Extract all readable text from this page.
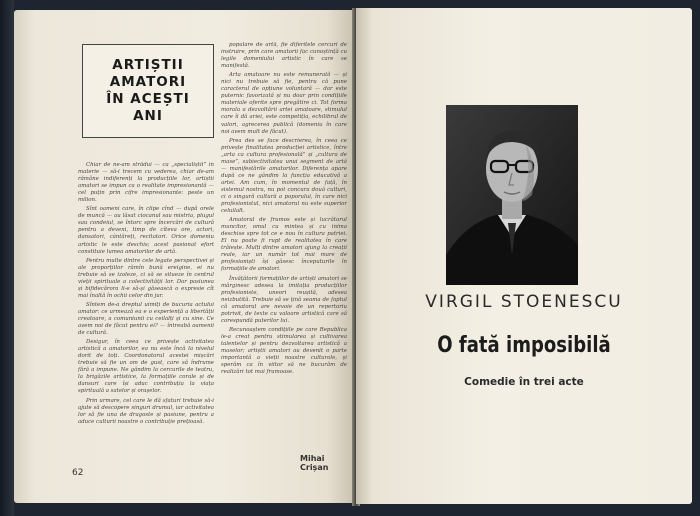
ARTIȘTII
AMATORI
ÎN ACEȘTI
ANI

Chiar de ne-am strădui — ca „specialiștii” în materie — să-i trecem cu vederea, chiar de-am rămâne indiferenți la producțiile lor, artiștii amatori se impun ca o realitate impresionantă — cel puțin prin cifre impresionante: peste un milion.

Sînt oameni care, în clipe cînd — după orele de muncă — au lăsat ciocanul sau mistria, plugul sau condeiul, se întorc spre încercări de cultură pentru a deveni, timp de cîteva ore, actori, dansatori, cântăreți, recitatori. Orice domeniu artistic le este deschis; acest pasionat efort constituie lumea amatorilor de artă.

Pentru multe dintre cele legate perspectivei și ale proporțiilor rămîn bună ereigine, ei nu trebuie să se izoleze, ci să se situeze în centrul vieții spirituale a colectivității lor. Dar pasiunea și bifidecărora li-e să-și găsească o expresie cît mai înaltă în ochii celor din jur.

Sîntem de-a dreptul uimiți de bucuria actului amator: ce urmează ea e o experiență a libertății creatoare, a comuniunii cu ceilalți și cu sine. Ce avem noi de făcut pentru ei? — întreabă oamenii de cultură.

Desigur, în ceea ce privește activitatea artistică a amatorilor, ea nu este încă la nivelul dorit de toți. Coordonatorul acestei mișcări trebuie să fie un om de gust, care să îndrume fără a impune. Ne gândim la cercurile de teatru, la brigăzile artistice, la formațiile corale și de dansuri care își aduc contribuția la viața spirituală a satelor și orașelor.

Prin urmare, cel care le dă sfaturi trebuie să-i ajute să descopere singuri drumul, iar activitatea lor să fie una de dragoste și pasiune, pentru a aduce culturii noastre o contribuție prețioasă.

populare de artă, fie diferitele cercuri de instruire, prin care amatorii fac cunoștință cu legile domeniului artistic în care se manifestă.

Arta amatoare nu este remunerată — și nici nu trebuie să fie, pentru că pune caracterul de opțiune voluntară — dar este puternic favorizată și nu doar prin condițiile materiale oferite spre pregătire ci. Tot forma morala a dezvoltării artei amatoare, stimulul care îi dă ariei, este competiția, echilibrul de valori, agrecerea publică (domeniu în care noi avem mult de făcut).

Prea des se face descrierea, în ceea ce privește finalitatea producției artistice, între „arta ca cultura profesională” și „cultura de mase”, subiectivitatea unui segment de artă — manifestările amatorilor. Diferența apare după ce ne gândim la funcția educativă a artei. Am cum, în momentul de față, în sistemul nostru, nu pot concura două culturi, ci o singură cultură a poporului, în care nici profesionistul, nici amatorul nu este superior celuilalt.

Amatorul de frumos este și lucrătorul muncitor, omul cu mintea și cu inima deschise spre tot ce e nou în cultura patriei. El nu poate fi rupt de realitatea în care trăiește. Mulți dintre amatori ajung la creații reale, iar un număr tot mai mare de profesioniști își găsesc începuturile în formațiile de amatori.

Învățătorii formațiilor de artiști amatori se mărginesc adesea la imitația producțiilor profesioniste, uneori reușită, adesea neizbutită. Trebuie să se țină seama de faptul că amatorul are nevoie de un repertoriu potrivit, de texte cu valoare artistică care să corespundă puterilor lui.

Recunoaștem condițiile pe care Republica le-a creat pentru stimularea și cultivarea talentelor și pentru dezvoltarea artistică a maselor; artiștii amatori au devenit o parte importantă a vieții noastre culturale, și sperăm ca în viitor să ne bucurăm de realizări tot mai frumoase.

62
Mihai Crișan
VIRGIL STOENESCU
O fată imposibilă
Comedie în trei acte
